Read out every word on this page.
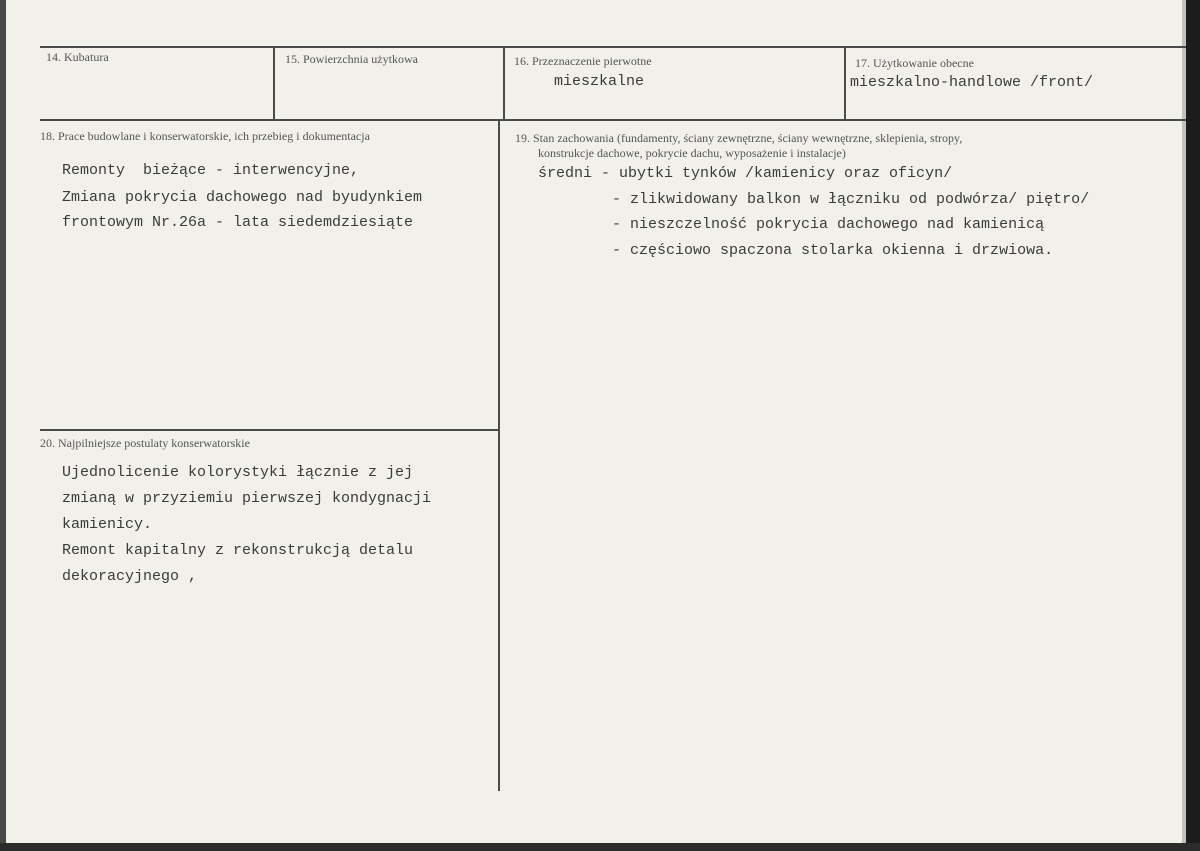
14. Kubatura	15. Powierzchnia użytkowa	16. Przeznaczenie pierwotne
mieszkalne
17. Użytkowanie obecne
mieszkalno-handlowe /front/
18. Prace budowlane i konserwatorskie, ich przebieg i dokumentacja
Remonty  bieżące - interwencyjne,
Zmiana pokrycia dachowego nad byudynkiem
frontowym Nr.26a - lata siedemdziesiąte
19. Stan zachowania (fundamenty, ściany zewnętrzne, ściany wewnętrzne, sklepienia, stropy,
konstrukcje dachowe, pokrycie dachu, wyposażenie i instalacje)
średni - ubytki tynków /kamienicy oraz oficyn/
- zlikwidowany balkon w łączniku od podwórza/ piętro/
- nieszczelność pokrycia dachowego nad kamienicą
- częściowo spaczona stolarka okienna i drzwiowa.
20. Najpilniejsze postulaty konserwatorskie
Ujednolicenie kolorystyki łącznie z jej
zmianą w przyziemiu pierwszej kondygnacji
kamienicy.
Remont kapitalny z rekonstrukcją detalu
dekoracyjnego ,
